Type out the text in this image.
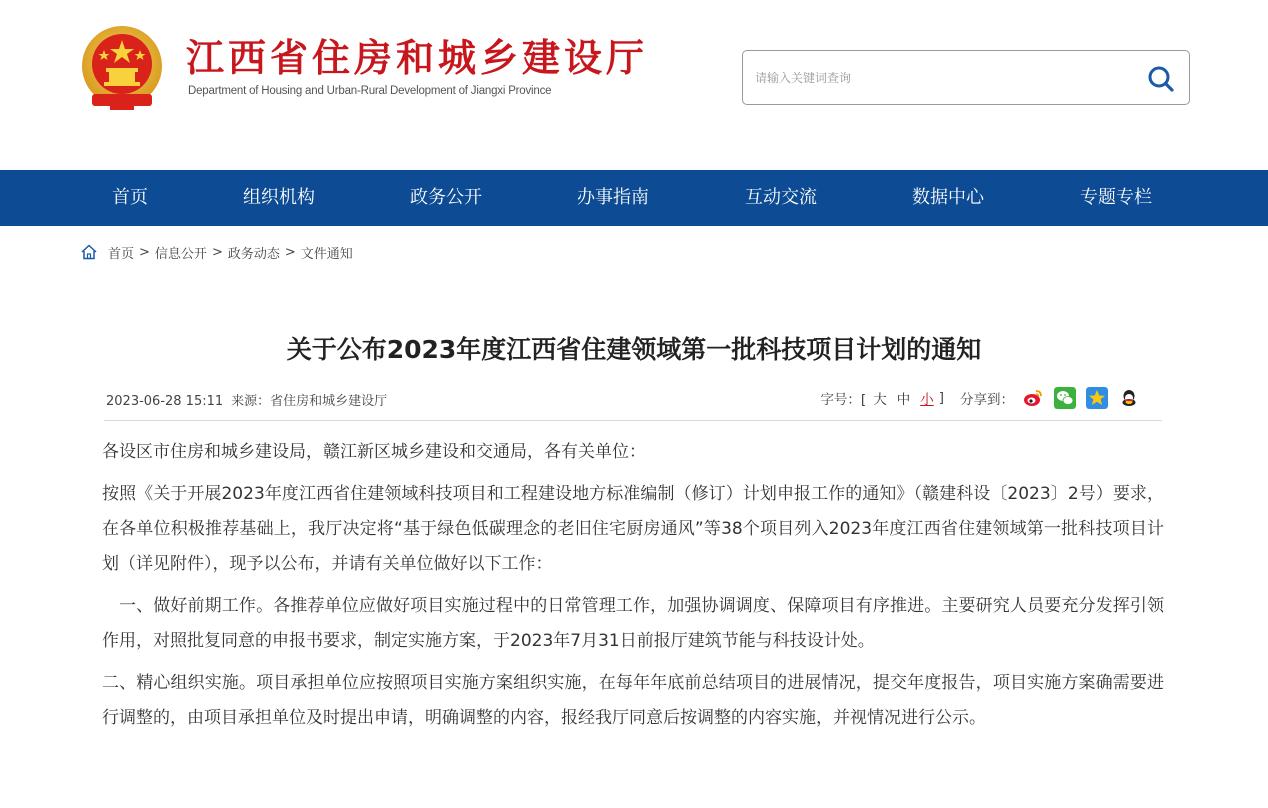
江西省住房和城乡建设厅
Department of Housing and Urban-Rural Development of Jiangxi Province
请输入关键词查询
首页	组织机构	政务公开	办事指南	互动交流	数据中心	专题专栏
首页 > 信息公开 > 政务动态 > 文件通知
关于公布2023年度江西省住建领域第一批科技项目计划的通知
2023-06-28 15:11 来源：省住房和城乡建设厅	字号：[ 大 中 小 ] 分享到：

各设区市住房和城乡建设局，赣江新区城乡建设和交通局，各有关单位：

按照《关于开展2023年度江西省住建领域科技项目和工程建设地方标准编制（修订）计划申报工作的通知》（赣建科设〔2023〕2号）要求，在各单位积极推荐基础上，我厅决定将“基于绿色低碳理念的老旧住宅厨房通风”等38个项目列入2023年度江西省住建领域第一批科技项目计划（详见附件），现予以公布，并请有关单位做好以下工作：

一、做好前期工作。各推荐单位应做好项目实施过程中的日常管理工作，加强协调调度、保障项目有序推进。主要研究人员要充分发挥引领作用，对照批复同意的申报书要求，制定实施方案，于2023年7月31日前报厅建筑节能与科技设计处。

二、精心组织实施。项目承担单位应按照项目实施方案组织实施，在每年年底前总结项目的进展情况，提交年度报告，项目实施方案确需要进行调整的，由项目承担单位及时提出申请，明确调整的内容，报经我厅同意后按调整的内容实施，并视情况进行公示。
